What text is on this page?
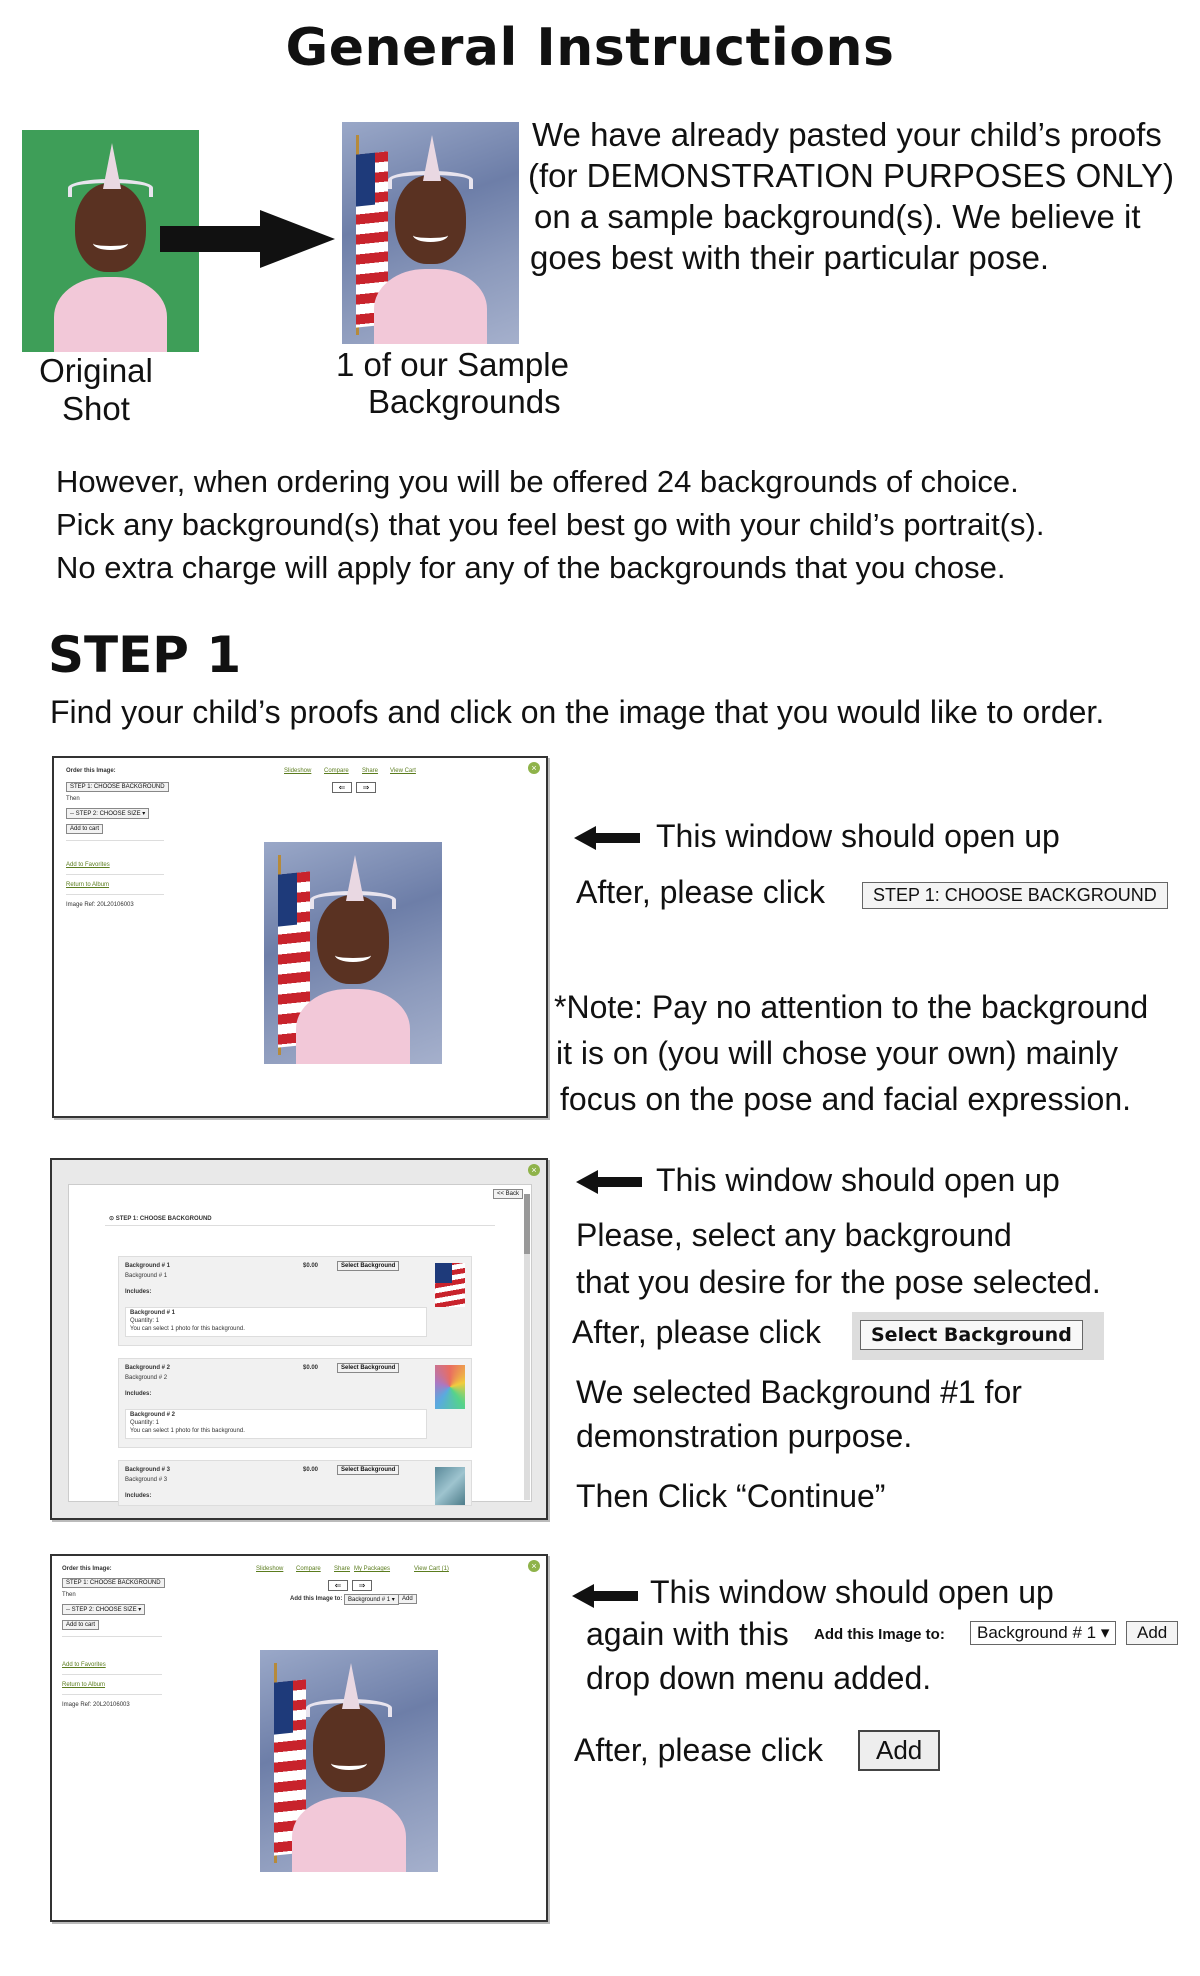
General Instructions
Original
Shot
1 of our Sample
Backgrounds
We have already pasted your child’s proofs
(for DEMONSTRATION PURPOSES ONLY)
on a sample background(s). We believe it
goes best with their particular pose.
However, when ordering you will be offered 24 backgrounds of choice.
Pick any background(s) that you feel best go with your child’s portrait(s).
No extra charge will apply for any of the backgrounds that you chose.
STEP 1
Find your child’s proofs and click on the image that you would like to order.
×
Order this Image:
STEP 1: CHOOSE BACKGROUND
Then
-- STEP 2: CHOOSE SIZE ▾
Add to cart
Add to Favorites
Return to Album
Image Ref: 20L20106003
Slideshow Compare Share View Cart
⇐	⇒
This window should open up
After, please click	STEP 1: CHOOSE BACKGROUND
*Note: Pay no attention to the background
it is on (you will chose your own) mainly
focus on the pose and facial expression.
×
<< Back
⊙ STEP 1: CHOOSE BACKGROUND
Background # 1
Background # 1
$0.00	Select Background
Includes:
Background # 1
Quantity: 1
You can select 1 photo for this background.
Background # 2
Background # 2
$0.00	Select Background
Includes:
Background # 2
Quantity: 1
You can select 1 photo for this background.
Background # 3
Background # 3
$0.00	Select Background
Includes:
This window should open up
Please, select any background
that you desire for the pose selected.
After, please click	Select Background
We selected Background #1 for
demonstration purpose.
Then Click “Continue”
×
Order this Image:
STEP 1: CHOOSE BACKGROUND
Then
-- STEP 2: CHOOSE SIZE ▾
Add to cart
Add to Favorites
Return to Album
Image Ref: 20L20106003
Slideshow Compare Share My Packages	View Cart (1)
⇐	⇒
Add this Image to: Background # 1 ▾	Add	This window should open up
again with this Add this Image to:	Background # 1 ▾	Add
drop down menu added.
After, please click	Add
